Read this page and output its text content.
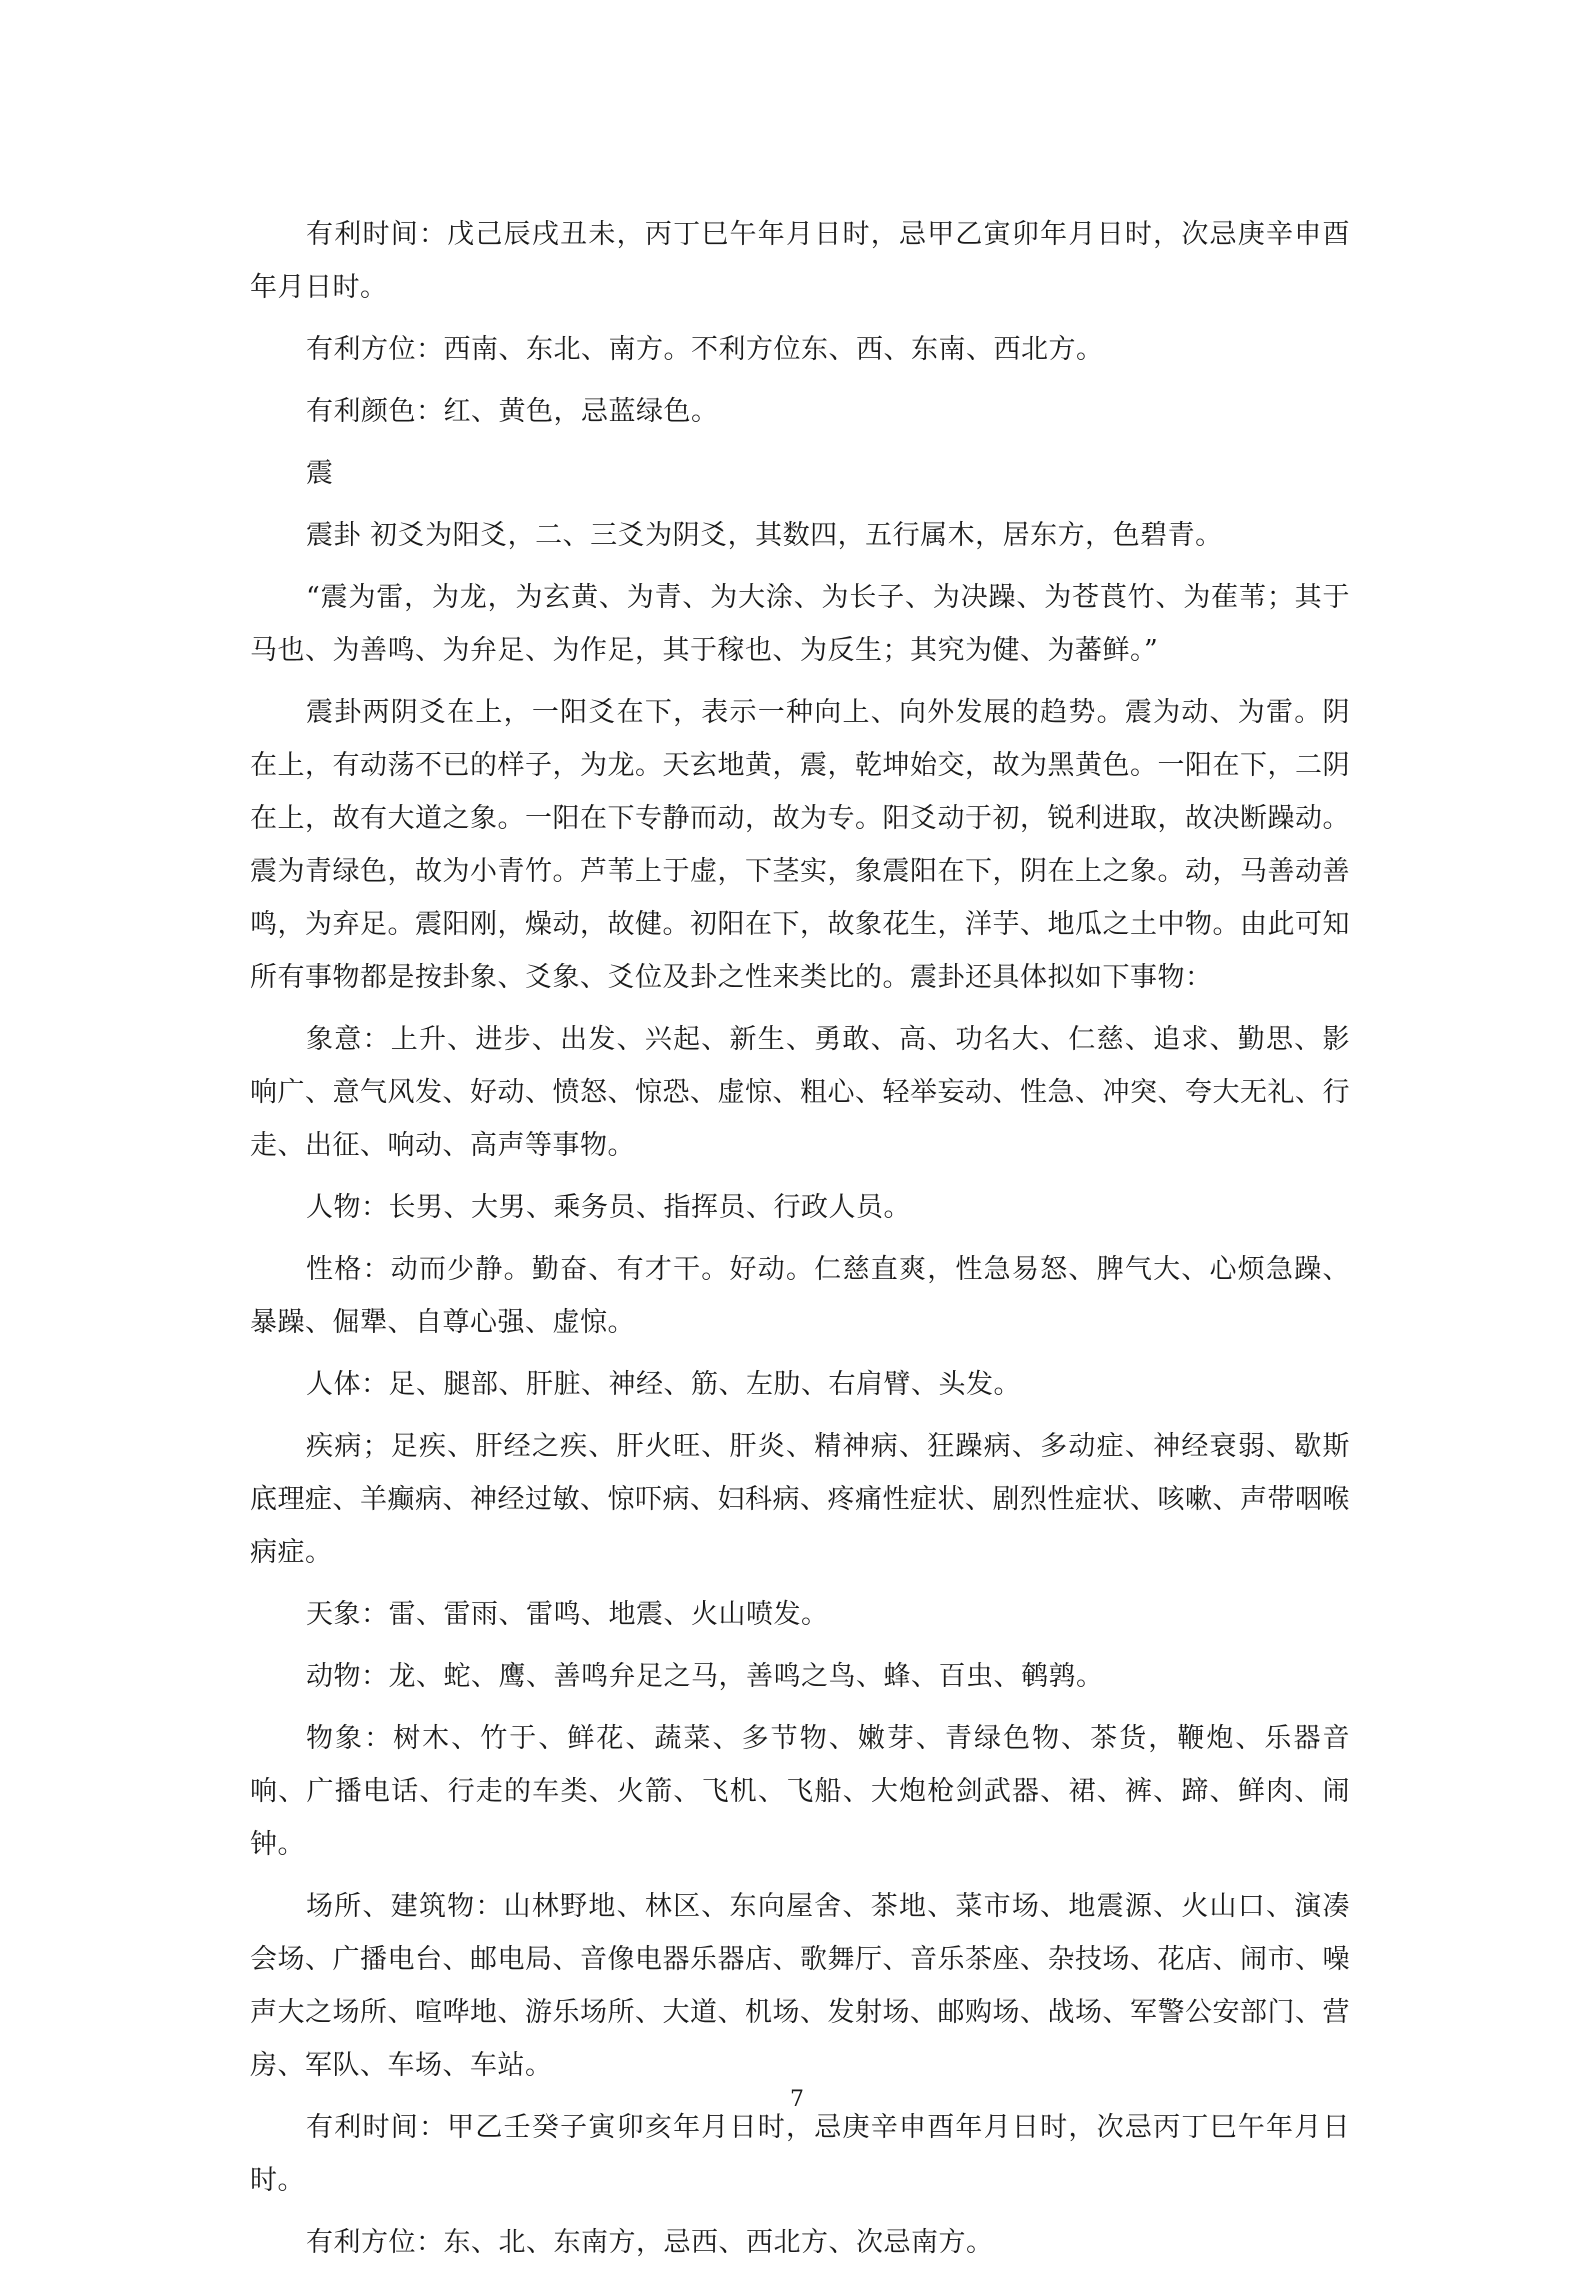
有利时间：戊己辰戌丑未，丙丁巳午年月日时，忌甲乙寅卯年月日时，次忌庚辛申酉年月日时。

有利方位：西南、东北、南方。不利方位东、西、东南、西北方。

有利颜色：红、黄色，忌蓝绿色。

震

震卦 初爻为阳爻，二、三爻为阴爻，其数四，五行属木，居东方，色碧青。

“震为雷，为龙，为玄黄、为青、为大涂、为长子、为决躁、为苍莨竹、为萑苇；其于马也、为善鸣、为弁足、为作足，其于稼也、为反生；其究为健、为蕃鲜。”

震卦两阴爻在上，一阳爻在下，表示一种向上、向外发展的趋势。震为动、为雷。阴在上，有动荡不已的样子，为龙。天玄地黄，震，乾坤始交，故为黑黄色。一阳在下，二阴在上，故有大道之象。一阳在下专静而动，故为专。阳爻动于初，锐利进取，故决断躁动。震为青绿色，故为小青竹。芦苇上于虚，下茎实，象震阳在下，阴在上之象。动，马善动善鸣，为弃足。震阳刚，燥动，故健。初阳在下，故象花生，洋芋、地瓜之土中物。由此可知所有事物都是按卦象、爻象、爻位及卦之性来类比的。震卦还具体拟如下事物：

象意：上升、进步、出发、兴起、新生、勇敢、高、功名大、仁慈、追求、勤思、影响广、意气风发、好动、愤怒、惊恐、虚惊、粗心、轻举妄动、性急、冲突、夸大无礼、行走、出征、响动、高声等事物。

人物：长男、大男、乘务员、指挥员、行政人员。

性格：动而少静。勤奋、有才干。好动。仁慈直爽，性急易怒、脾气大、心烦急躁、暴躁、倔犟、自尊心强、虚惊。

人体：足、腿部、肝脏、神经、筋、左肋、右肩臂、头发。

疾病；足疾、肝经之疾、肝火旺、肝炎、精神病、狂躁病、多动症、神经衰弱、歇斯底理症、羊癫病、神经过敏、惊吓病、妇科病、疼痛性症状、剧烈性症状、咳嗽、声带咽喉病症。

天象：雷、雷雨、雷鸣、地震、火山喷发。

动物：龙、蛇、鹰、善鸣弁足之马，善鸣之鸟、蜂、百虫、鹌鹑。

物象：树木、竹于、鲜花、蔬菜、多节物、嫩芽、青绿色物、茶货，鞭炮、乐器音响、广播电话、行走的车类、火箭、飞机、飞船、大炮枪剑武器、裙、裤、蹄、鲜肉、闹钟。

场所、建筑物：山林野地、林区、东向屋舍、茶地、菜市场、地震源、火山口、演凑会场、广播电台、邮电局、音像电器乐器店、歌舞厅、音乐茶座、杂技场、花店、闹市、噪声大之场所、喧哗地、游乐场所、大道、机场、发射场、邮购场、战场、军警公安部门、营房、军队、车场、车站。

有利时间：甲乙壬癸子寅卯亥年月日时，忌庚辛申酉年月日时，次忌丙丁巳午年月日时。

有利方位：东、北、东南方，忌西、西北方、次忌南方。

7
